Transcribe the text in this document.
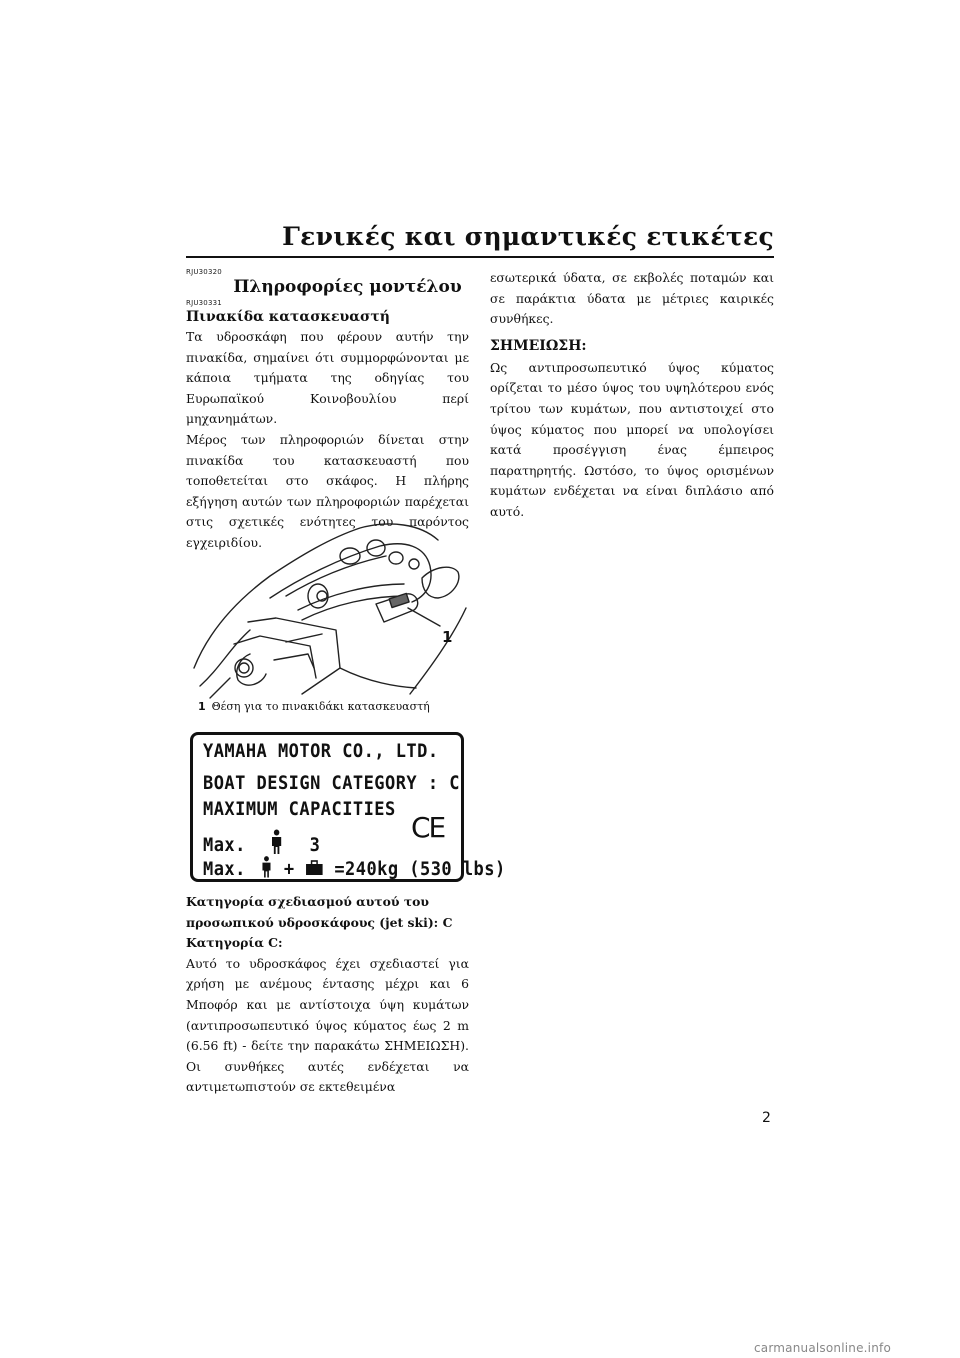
Γενικές και σημαντικές ετικέτες
RJU30320
Πληροφορίες μοντέλου
RJU30331
Πινακίδα κατασκευαστή

Τα υδροσκάφη που φέρουν αυτήν την πινακίδα, σημαίνει ότι συμμορφώνονται με κάποια τμήματα της οδηγίας του Ευρωπαϊκού Κοινοβουλίου περί μηχανημάτων.

Μέρος των πληροφοριών δίνεται στην πινακίδα του κατασκευαστή που τοποθετείται στο σκάφος. Η πλήρης εξήγηση αυτών των πληροφοριών παρέχεται στις σχετικές ενότητες του παρόντος εγχειριδίου.

1
1 Θέση για το πινακιδάκι κατασκευαστή
YAMAHA MOTOR CO., LTD.
BOAT DESIGN CATEGORY : C
MAXIMUM CAPACITIES
Max.	3
Max. + =240kg (530 lbs)
CE

Κατηγορία σχεδιασμού αυτού του προσωπικού υδροσκάφους (jet ski): C

Κατηγορία C:

Αυτό το υδροσκάφος έχει σχεδιαστεί για χρήση με ανέμους έντασης μέχρι και 6 Μποφόρ και με αντίστοιχα ύψη κυμάτων (αντιπροσωπευτικό ύψος κύματος έως 2 m (6.56 ft) - δείτε την παρακάτω ΣΗΜΕΙΩΣΗ). Οι συνθήκες αυτές ενδέχεται να αντιμετωπιστούν σε εκτεθειμένα

εσωτερικά ύδατα, σε εκβολές ποταμών και σε παράκτια ύδατα με μέτριες καιρικές συνθήκες.

ΣΗΜΕΙΩΣΗ:

Ως αντιπροσωπευτικό ύψος κύματος ορίζεται το μέσο ύψος του υψηλότερου ενός τρίτου των κυμάτων, που αντιστοιχεί στο ύψος κύματος που μπορεί να υπολογίσει κατά προσέγγιση ένας έμπειρος παρατηρητής. Ωστόσο, το ύψος ορισμένων κυμάτων ενδέχεται να είναι διπλάσιο από αυτό.

2
carmanualsonline.info
